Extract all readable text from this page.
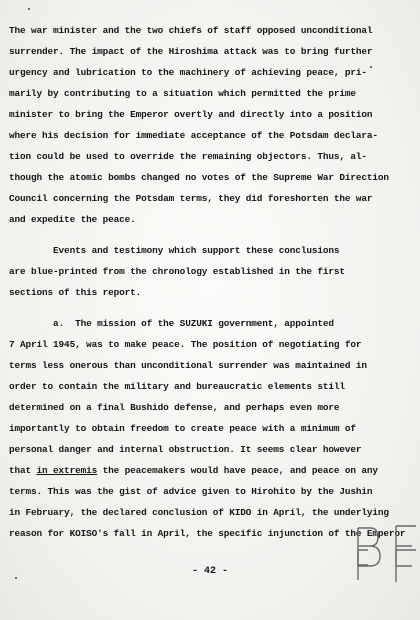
The war minister and the two chiefs of staff opposed unconditional
surrender. The impact of the Hiroshima attack was to bring further
urgency and lubrication to the machinery of achieving peace, pri-
marily by contributing to a situation which permitted the prime
minister to bring the Emperor overtly and directly into a position
where his decision for immediate acceptance of the Potsdam declara-
tion could be used to override the remaining objectors. Thus, al-
though the atomic bombs changed no votes of the Supreme War Direction
Council concerning the Potsdam terms, they did foreshorten the war
and expedite the peace.
Events and testimony which support these conclusions
are blue-printed from the chronology established in the first
sections of this report.
a.  The mission of the SUZUKI government, appointed
7 April 1945, was to make peace. The position of negotiating for
terms less onerous than unconditional surrender was maintained in
order to contain the military and bureaucratic elements still
determined on a final Bushido defense, and perhaps even more
importantly to obtain freedom to create peace with a minimum of
personal danger and internal obstruction. It seems clear however
that in extremis the peacemakers would have peace, and peace on any
terms. This was the gist of advice given to Hirohito by the Jushin
in February, the declared conclusion of KIDO in April, the underlying
reason for KOISO's fall in April, the specific injunction of the Emperor
- 42 -
